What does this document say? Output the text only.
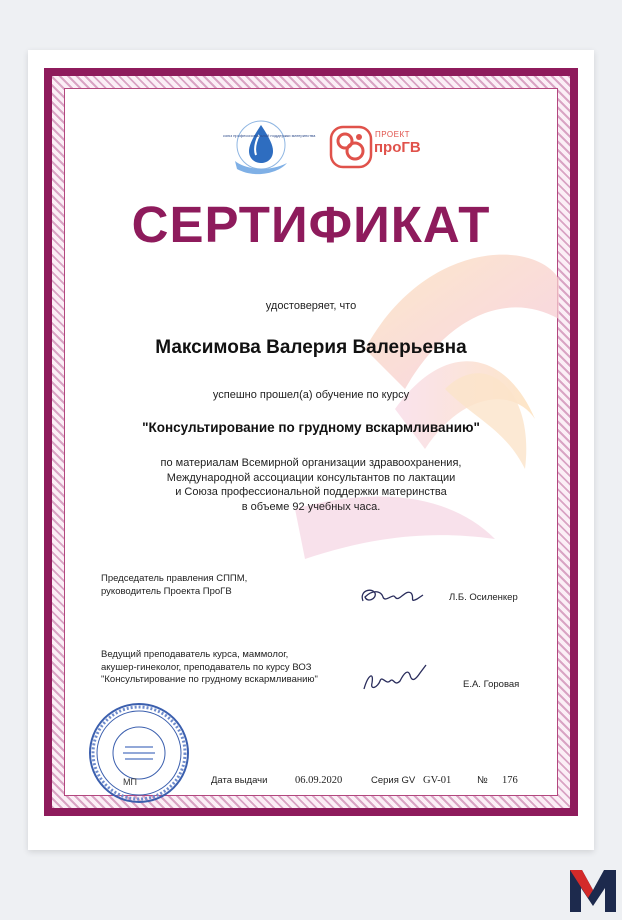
союз профессиональной поддержки материнства	ПРОЕКТ
проГВ
СЕРТИФИКАТ
удостоверяет, что
Максимова Валерия Валерьевна
успешно прошел(а) обучение по курсу
"Консультирование по грудному вскармливанию"
по материалам Всемирной организации здравоохранения,
Международной ассоциации консультантов по лактации
и Союза профессиональной поддержки материнства
в объеме 92 учебных часа.
Председатель правления СППМ,
руководитель Проекта ПроГВ
Л.Б. Осиленкер
Ведущий преподаватель курса, маммолог,
акушер-гинеколог, преподаватель по курсу ВОЗ
"Консультирование по грудному вскармливанию"	Е.А. Горовая
МП	Дата выдачи	06.09.2020	Серия GV GV-01	№ 176
